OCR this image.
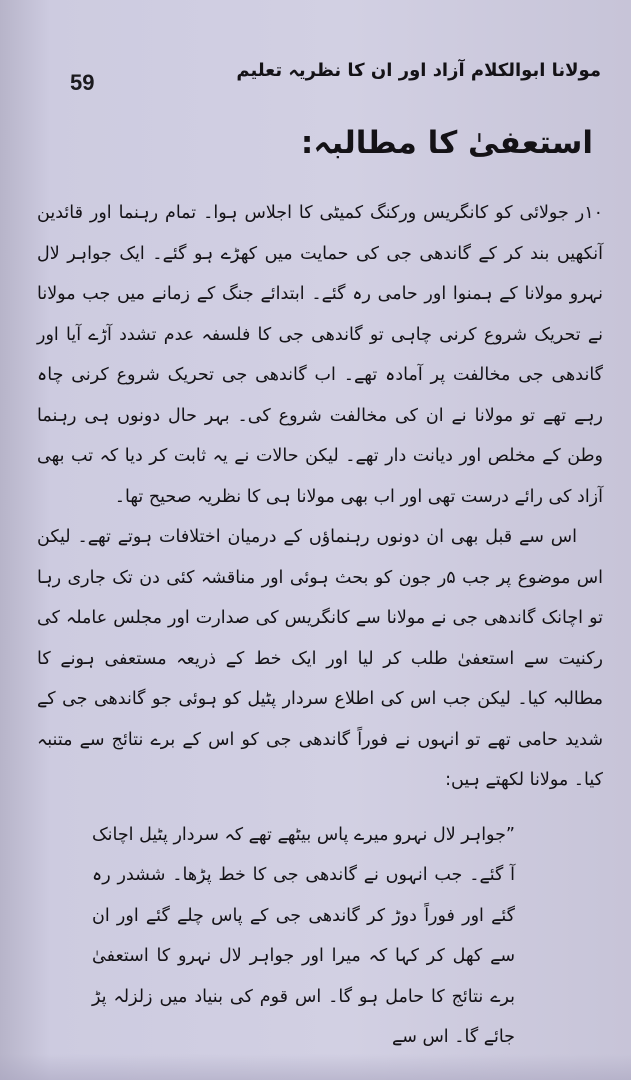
59	مولانا ابوالکلام آزاد اور ان کا نظریہ تعلیم
استعفیٰ کا مطالبہ:

۱۰ر جولائی کو کانگریس ورکنگ کمیٹی کا اجلاس ہوا۔ تمام رہنما اور قائدین آنکھیں بند کر کے گاندھی جی کی حمایت میں کھڑے ہو گئے۔ ایک جواہر لال نہرو مولانا کے ہمنوا اور حامی رہ گئے۔ ابتدائے جنگ کے زمانے میں جب مولانا نے تحریک شروع کرنی چاہی تو گاندھی جی کا فلسفہ عدم تشدد آڑے آیا اور گاندھی جی مخالفت پر آمادہ تھے۔ اب گاندھی جی تحریک شروع کرنی چاہ رہے تھے تو مولانا نے ان کی مخالفت شروع کی۔ بہر حال دونوں ہی رہنما وطن کے مخلص اور دیانت دار تھے۔ لیکن حالات نے یہ ثابت کر دیا کہ تب بھی آزاد کی رائے درست تھی اور اب بھی مولانا ہی کا نظریہ صحیح تھا۔

اس سے قبل بھی ان دونوں رہنماؤں کے درمیان اختلافات ہوتے تھے۔ لیکن اس موضوع پر جب ۵ر جون کو بحث ہوئی اور مناقشہ کئی دن تک جاری رہا تو اچانک گاندھی جی نے مولانا سے کانگریس کی صدارت اور مجلس عاملہ کی رکنیت سے استعفیٰ طلب کر لیا اور ایک خط کے ذریعہ مستعفی ہونے کا مطالبہ کیا۔ لیکن جب اس کی اطلاع سردار پٹیل کو ہوئی جو گاندھی جی کے شدید حامی تھے تو انہوں نے فوراً گاندھی جی کو اس کے برے نتائج سے متنبہ کیا۔ مولانا لکھتے ہیں:

”جواہر لال نہرو میرے پاس بیٹھے تھے کہ سردار پٹیل اچانک آ گئے۔ جب انہوں نے گاندھی جی کا خط پڑھا۔ ششدر رہ گئے اور فوراً دوڑ کر گاندھی جی کے پاس چلے گئے اور ان سے کھل کر کہا کہ میرا اور جواہر لال نہرو کا استعفیٰ برے نتائج کا حامل ہو گا۔ اس قوم کی بنیاد میں زلزلہ پڑ جائے گا۔ اس سے
